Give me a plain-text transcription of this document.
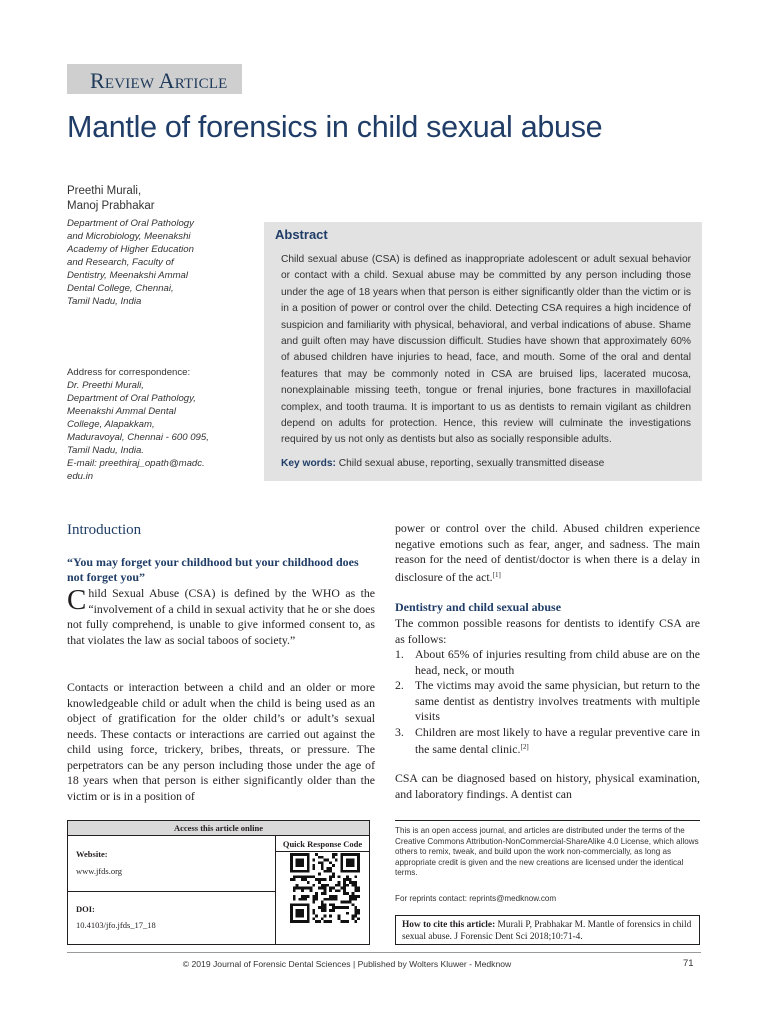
Review Article
Mantle of forensics in child sexual abuse
Preethi Murali,
Manoj Prabhakar
Department of Oral Pathology
and Microbiology, Meenakshi
Academy of Higher Education
and Research, Faculty of
Dentistry, Meenakshi Ammal
Dental College, Chennai,
Tamil Nadu, India
Address for correspondence:
Dr. Preethi Murali,
Department of Oral Pathology,
Meenakshi Ammal Dental
College, Alapakkam,
Maduravoyal, Chennai - 600 095,
Tamil Nadu, India.
E-mail: preethiraj_opath@madc.
edu.in
Abstract
Child sexual abuse (CSA) is defined as inappropriate adolescent or adult sexual behavior or contact with a child. Sexual abuse may be committed by any person including those under the age of 18 years when that person is either significantly older than the victim or is in a position of power or control over the child. Detecting CSA requires a high incidence of suspicion and familiarity with physical, behavioral, and verbal indications of abuse. Shame and guilt often may have discussion difficult. Studies have shown that approximately 60% of abused children have injuries to head, face, and mouth. Some of the oral and dental features that may be commonly noted in CSA are bruised lips, lacerated mucosa, nonexplainable missing teeth, tongue or frenal injuries, bone fractures in maxillofacial complex, and tooth trauma. It is important to us as dentists to remain vigilant as children depend on adults for protection. Hence, this review will culminate the investigations required by us not only as dentists but also as socially responsible adults.
Key words: Child sexual abuse, reporting, sexually transmitted disease
Introduction
“You may forget your childhood but your childhood does not forget you”
Child Sexual Abuse (CSA) is defined by the WHO as the “involvement of a child in sexual activity that he or she does not fully comprehend, is unable to give informed consent to, as that violates the law as social taboos of society.”
Contacts or interaction between a child and an older or more knowledgeable child or adult when the child is being used as an object of gratification for the older child’s or adult’s sexual needs. These contacts or interactions are carried out against the child using force, trickery, bribes, threats, or pressure. The perpetrators can be any person including those under the age of 18 years when that person is either significantly older than the victim or is in a position of
power or control over the child. Abused children experience negative emotions such as fear, anger, and sadness. The main reason for the need of dentist/doctor is when there is a delay in disclosure of the act.[1]
Dentistry and child sexual abuse
The common possible reasons for dentists to identify CSA are as follows:
1. About 65% of injuries resulting from child abuse are on the head, neck, or mouth
2. The victims may avoid the same physician, but return to the same dentist as dentistry involves treatments with multiple visits
3. Children are most likely to have a regular preventive care in the same dental clinic.[2]
CSA can be diagnosed based on history, physical examination, and laboratory findings. A dentist can
Access this article online
Quick Response Code
Website:
www.jfds.org
DOI:
10.4103/jfo.jfds_17_18
This is an open access journal, and articles are distributed under the terms of the Creative Commons Attribution-NonCommercial-ShareAlike 4.0 License, which allows others to remix, tweak, and build upon the work non-commercially, as long as appropriate credit is given and the new creations are licensed under the identical terms.
For reprints contact: reprints@medknow.com
How to cite this article: Murali P, Prabhakar M. Mantle of forensics in child sexual abuse. J Forensic Dent Sci 2018;10:71-4.
© 2019 Journal of Forensic Dental Sciences | Published by Wolters Kluwer - Medknow	71
